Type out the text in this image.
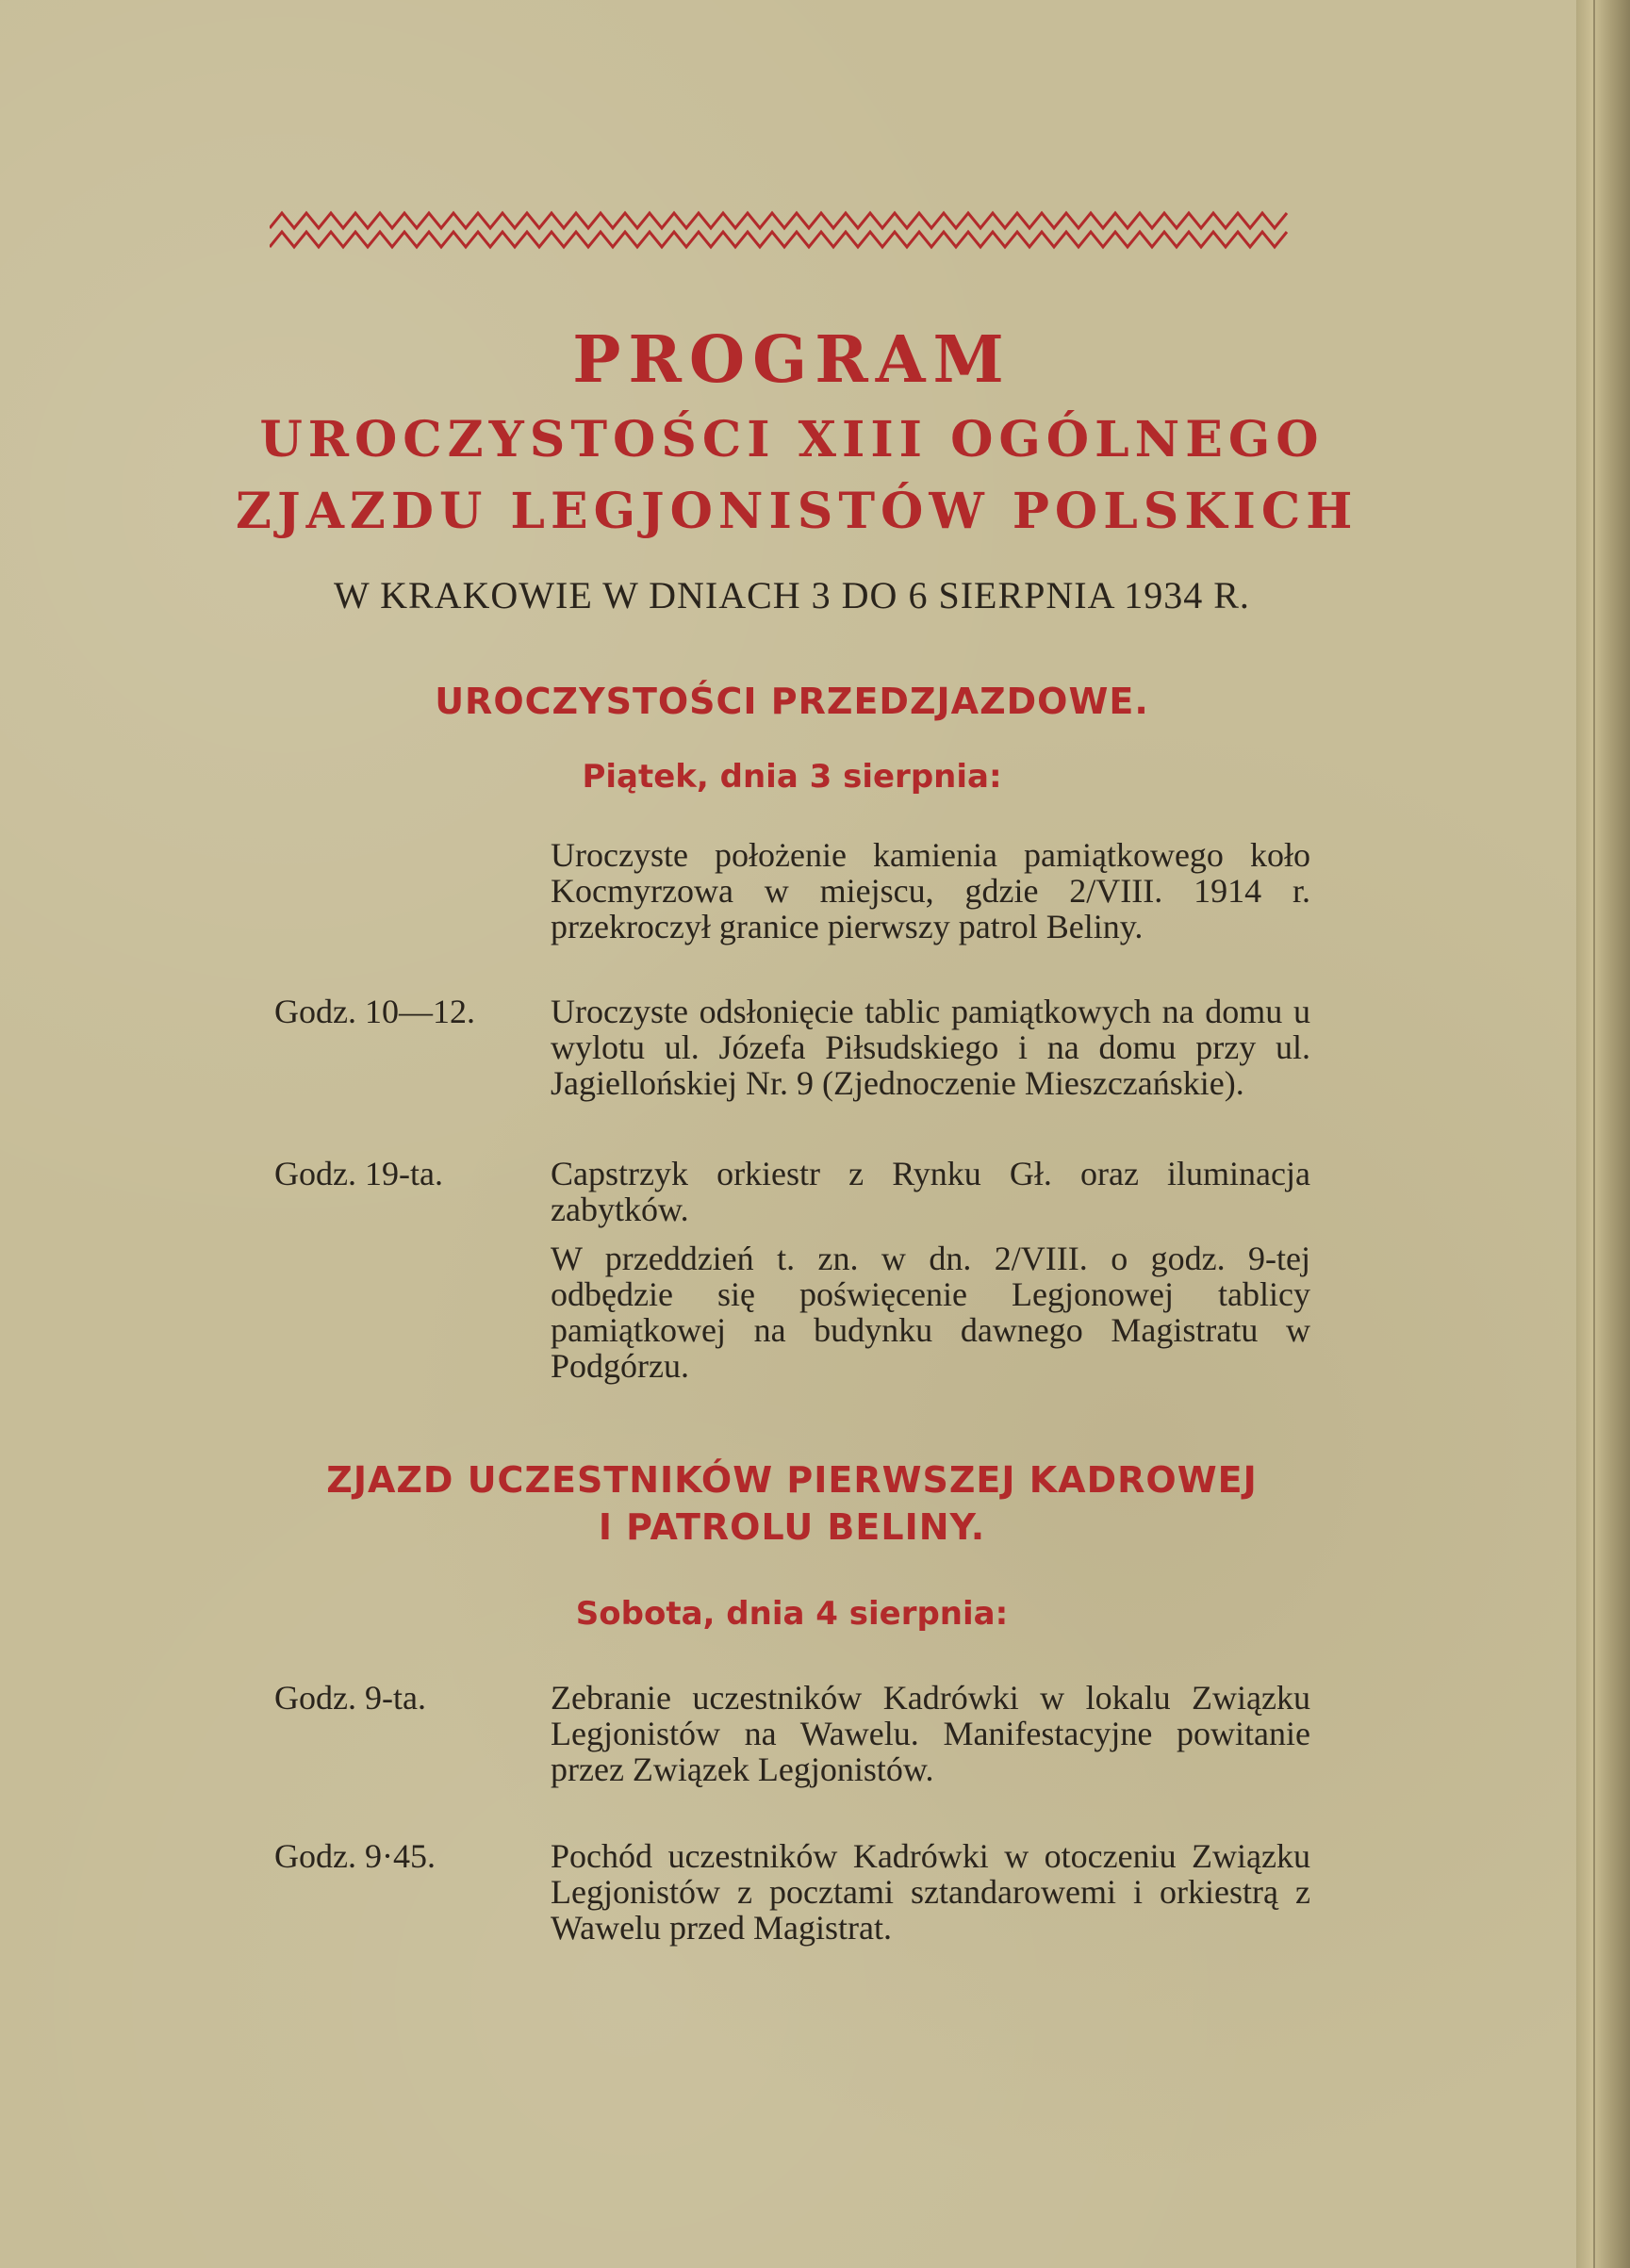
PROGRAM
UROCZYSTOŚCI XIII OGÓLNEGO
ZJAZDU LEGJONISTÓW POLSKICH
W KRAKOWIE W DNIACH 3 DO 6 SIERPNIA 1934 R.
UROCZYSTOŚCI PRZEDZJAZDOWE.
Piątek, dnia 3 sierpnia:
Uroczyste położenie kamienia pamiątkowego koło Kocmyrzowa w miejscu, gdzie 2/VIII. 1914 r. przekroczył granice pierwszy patrol Beliny.
Godz. 10—12. Uroczyste odsłonięcie tablic pamiątkowych na domu u wylotu ul. Józefa Piłsudskiego i na domu przy ul. Jagiellońskiej Nr. 9 (Zjednoczenie Mieszczańskie).
Godz. 19-ta.	Capstrzyk orkiestr z Rynku Gł. oraz iluminacja zabytków.
W przeddzień t. zn. w dn. 2/VIII. o godz. 9-tej odbędzie się poświęcenie Legjonowej tablicy pamiątkowej na budynku dawnego Magistratu w Podgórzu.
ZJAZD UCZESTNIKÓW PIERWSZEJ KADROWEJ
I PATROLU BELINY.
Sobota, dnia 4 sierpnia:
Godz. 9-ta.	Zebranie uczestników Kadrówki w lokalu Związku Legjonistów na Wawelu. Manifestacyjne powitanie przez Związek Legjonistów.
Godz. 9·45.	Pochód uczestników Kadrówki w otoczeniu Związku Legjonistów z pocztami sztandarowemi i orkiestrą z Wawelu przed Magistrat.
